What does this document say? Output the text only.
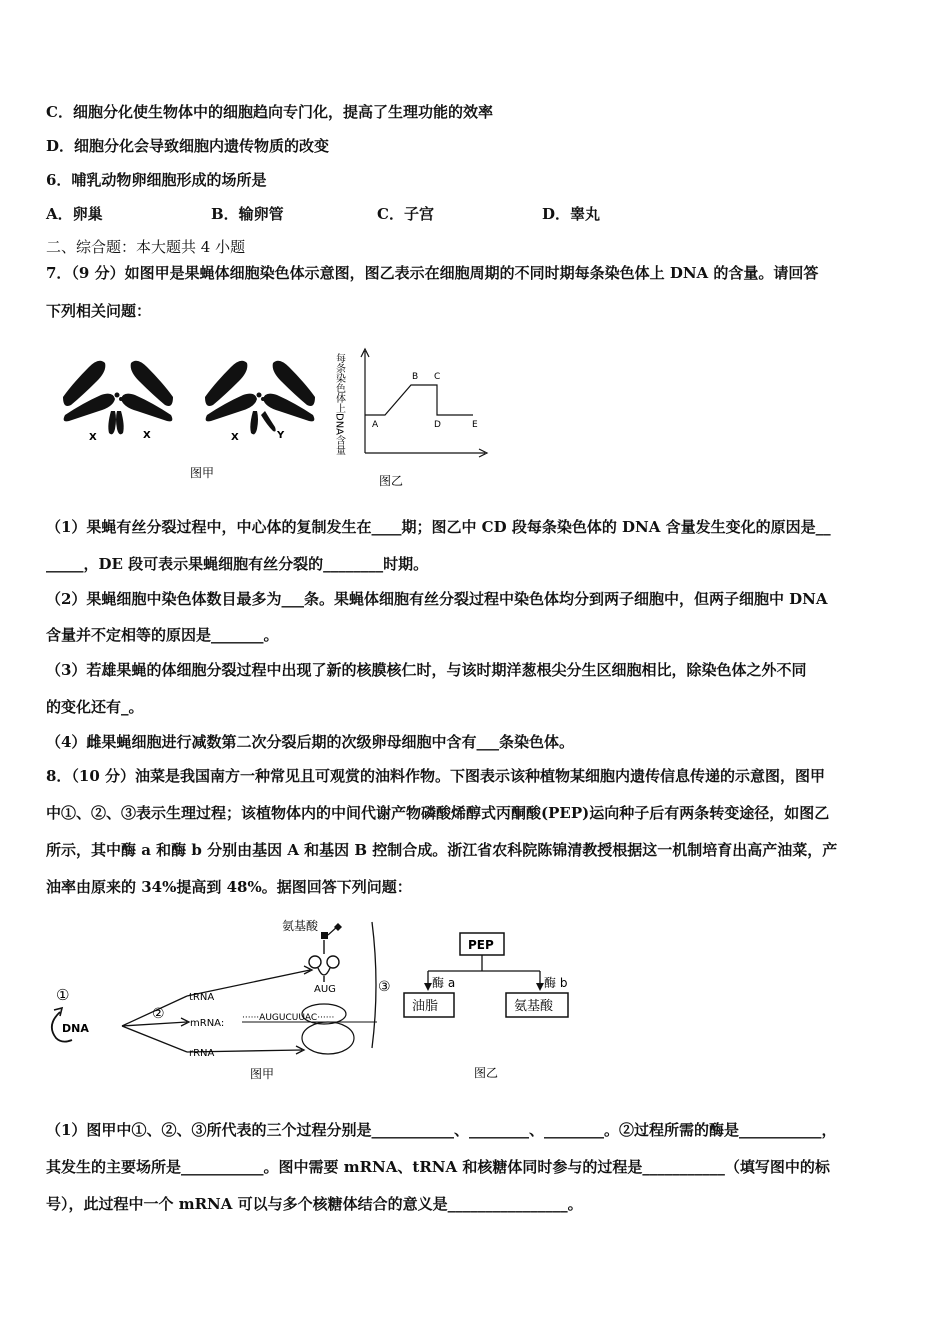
C．细胞分化使生物体中的细胞趋向专门化，提高了生理功能的效率
D．细胞分化会导致细胞内遗传物质的改变
6．哺乳动物卵细胞形成的场所是
A．卵巢	B．输卵管	C．子宫	D．睾丸
二、综合题：本大题共 4 小题
7．（9 分）如图甲是果蝇体细胞染色体示意图，图乙表示在细胞周期的不同时期每条染色体上 DNA 的含量。请回答
下列相关问题：
X	X	X	Y
图甲
每条染色体上DNA含量	A
B C
D	E
图乙
（1）果蝇有丝分裂过程中，中心体的复制发生在____期；图乙中 CD 段每条染色体的 DNA 含量发生变化的原因是__
_____，DE 段可表示果蝇细胞有丝分裂的________时期。
（2）果蝇细胞中染色体数目最多为___条。果蝇体细胞有丝分裂过程中染色体均分到两子细胞中，但两子细胞中 DNA
含量并不定相等的原因是_______。
（3）若雄果蝇的体细胞分裂过程中出现了新的核膜核仁时，与该时期洋葱根尖分生区细胞相比，除染色体之外不同
的变化还有_。
（4）雌果蝇细胞进行减数第二次分裂后期的次级卵母细胞中含有___条染色体。
8．（10 分）油菜是我国南方一种常见且可观赏的油料作物。下图表示该种植物某细胞内遗传信息传递的示意图，图甲
中①、②、③表示生理过程；该植物体内的中间代谢产物磷酸烯醇式丙酮酸(PEP)运向种子后有两条转变途径，如图乙
所示，其中酶 a 和酶 b 分别由基因 A 和基因 B 控制合成。浙江省农科院陈锦清教授根据这一机制培育出高产油菜，产
油率由原来的 34%提高到 48%。据图回答下列问题：
氨基酸
AUG	③
①
DNA
tRNA
②
mRNA: ······AUGUCUUAC······
rRNA
图甲
PEP
酶 a	酶 b
油脂	氨基酸
图乙
（1）图甲中①、②、③所代表的三个过程分别是___________、________、________。②过程所需的酶是___________，
其发生的主要场所是___________。图中需要 mRNA、tRNA 和核糖体同时参与的过程是___________（填写图中的标
号），此过程中一个 mRNA 可以与多个核糖体结合的意义是________________。
